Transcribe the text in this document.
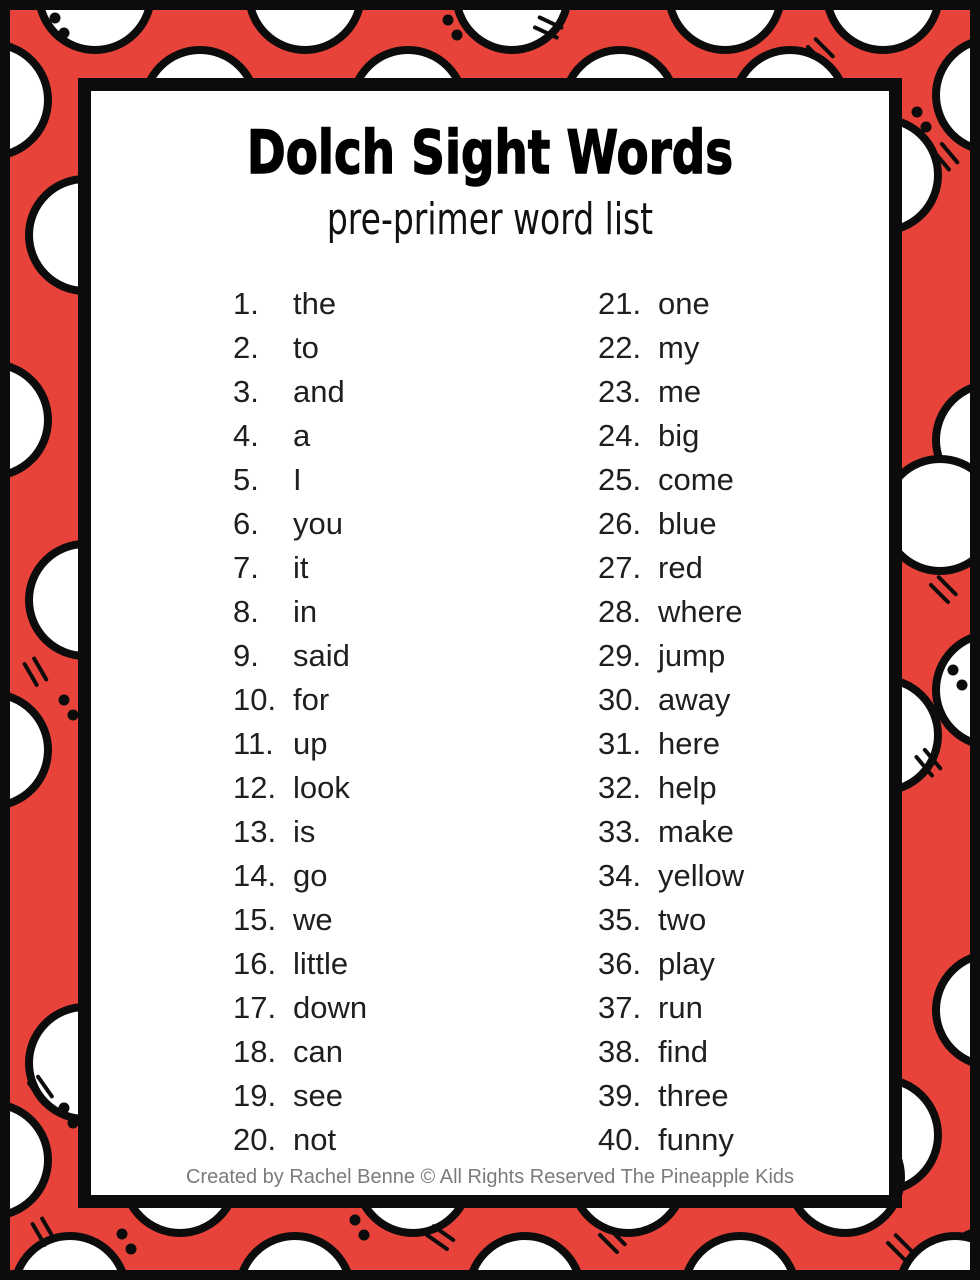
Dolch Sight Words
pre-primer word list
1. the
2. to
3. and
4. a
5. I
6. you
7. it
8. in
9. said
10. for
11. up
12. look
13. is
14. go
15. we
16. little
17. down
18. can
19. see
20. not
21. one
22. my
23. me
24. big
25. come
26. blue
27. red
28. where
29. jump
30. away
31. here
32. help
33. make
34. yellow
35. two
36. play
37. run
38. find
39. three
40. funny
Created by Rachel Benne © All Rights Reserved The Pineapple Kids
